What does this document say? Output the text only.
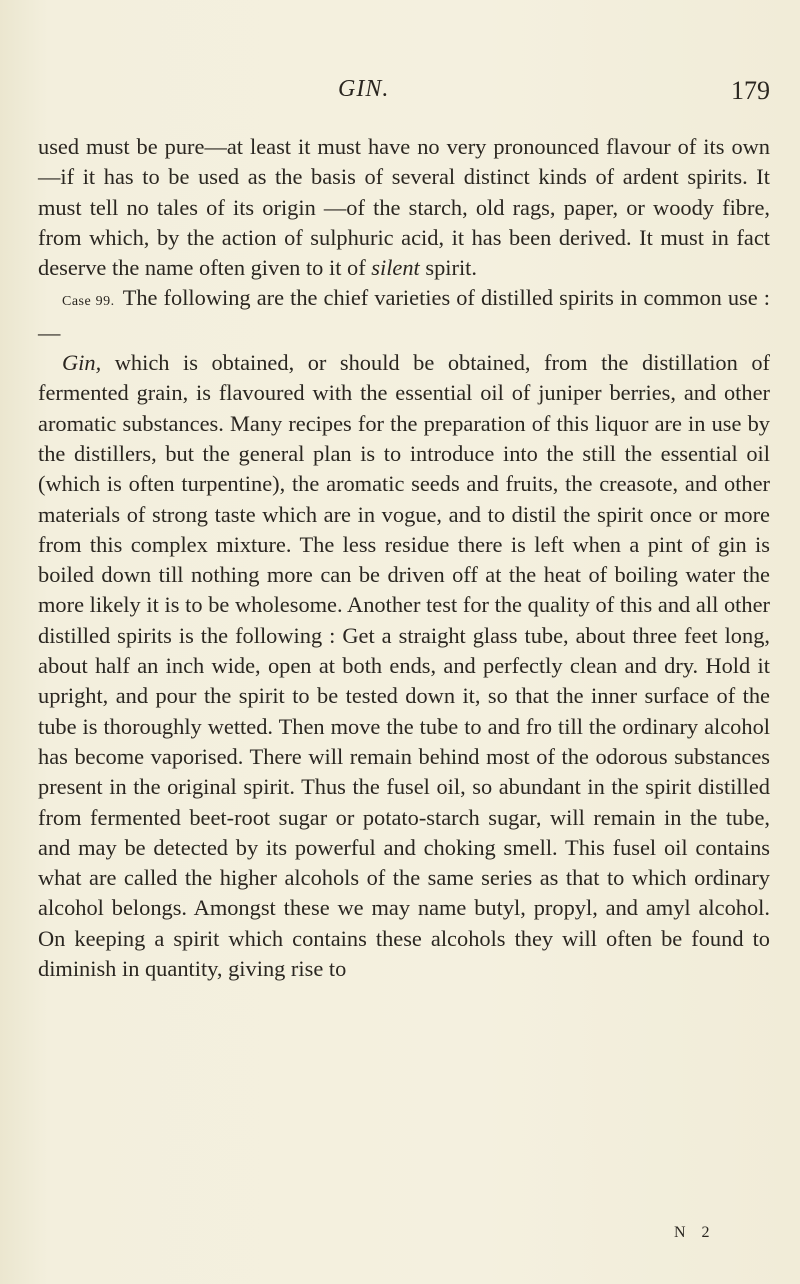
GIN.	179

used must be pure—at least it must have no very pronounced flavour of its own—if it has to be used as the basis of several distinct kinds of ardent spirits. It must tell no tales of its origin —of the starch, old rags, paper, or woody fibre, from which, by the action of sulphuric acid, it has been derived. It must in fact deserve the name often given to it of silent spirit.

Case 99. The following are the chief varieties of distilled spirits in common use :—

Gin, which is obtained, or should be obtained, from the distillation of fermented grain, is flavoured with the essential oil of juniper berries, and other aromatic substances. Many recipes for the preparation of this liquor are in use by the distillers, but the general plan is to introduce into the still the essential oil (which is often turpentine), the aromatic seeds and fruits, the creasote, and other materials of strong taste which are in vogue, and to distil the spirit once or more from this complex mixture. The less residue there is left when a pint of gin is boiled down till nothing more can be driven off at the heat of boiling water the more likely it is to be wholesome. Another test for the quality of this and all other distilled spirits is the following : Get a straight glass tube, about three feet long, about half an inch wide, open at both ends, and perfectly clean and dry. Hold it upright, and pour the spirit to be tested down it, so that the inner surface of the tube is thoroughly wetted. Then move the tube to and fro till the ordinary alcohol has become vaporised. There will remain behind most of the odorous substances present in the original spirit. Thus the fusel oil, so abundant in the spirit distilled from fermented beet-root sugar or potato-starch sugar, will remain in the tube, and may be detected by its powerful and choking smell. This fusel oil contains what are called the higher alcohols of the same series as that to which ordinary alcohol belongs. Amongst these we may name butyl, propyl, and amyl alcohol. On keeping a spirit which contains these alcohols they will often be found to diminish in quantity, giving rise to

N 2
